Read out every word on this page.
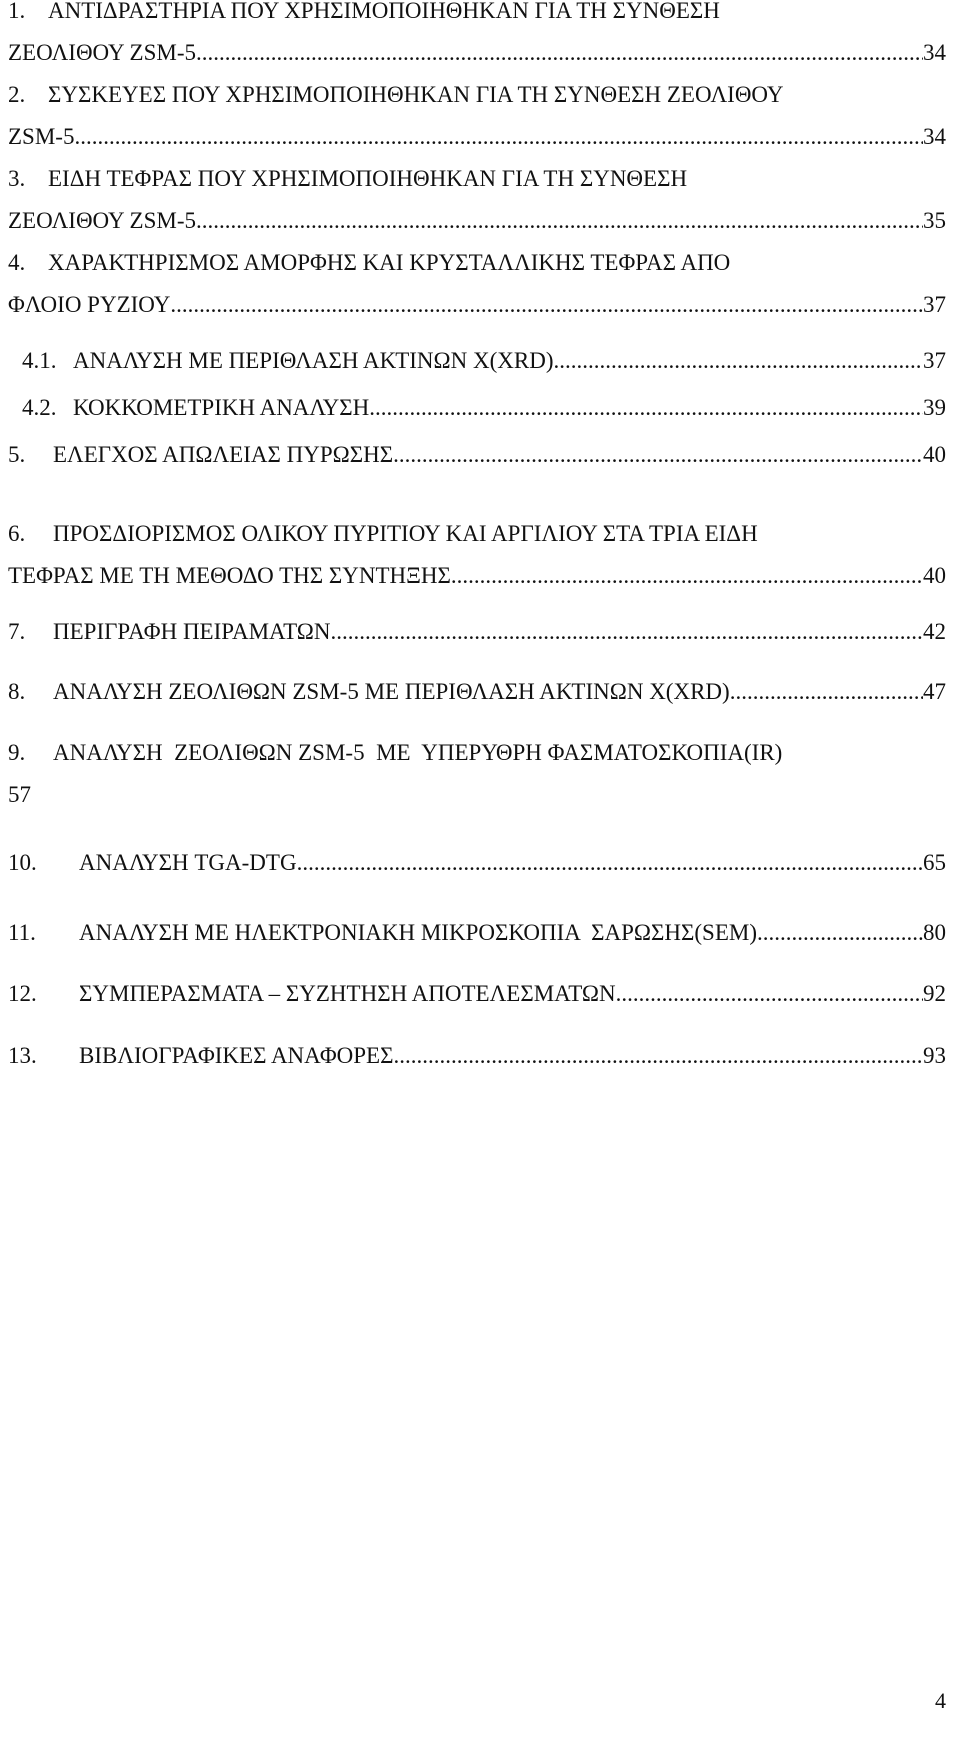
1. ΑΝΤΙΔΡΑΣΤΗΡΙΑ ΠΟΥ ΧΡΗΣΙΜΟΠΟΙΗΘΗΚΑΝ ΓΙΑ ΤΗ ΣΥΝΘΕΣΗ
ΖΕΟΛΙΘΟΥ ZSM-5 .....	34
2. ΣΥΣΚΕΥΕΣ ΠΟΥ ΧΡΗΣΙΜΟΠΟΙΗΘΗΚΑΝ ΓΙΑ ΤΗ ΣΥΝΘΕΣΗ ΖΕΟΛΙΘΟΥ
ZSM-5 .....	34
3. ΕΙΔΗ ΤΕΦΡΑΣ ΠΟΥ ΧΡΗΣΙΜΟΠΟΙΗΘΗΚΑΝ ΓΙΑ ΤΗ ΣΥΝΘΕΣΗ
ΖΕΟΛΙΘΟΥ ZSM-5 .....	35
4. ΧΑΡΑΚΤΗΡΙΣΜΟΣ ΑΜΟΡΦΗΣ ΚΑΙ ΚΡΥΣΤΑΛΛΙΚΗΣ ΤΕΦΡΑΣ ΑΠΟ
ΦΛΟΙΟ ΡΥΖΙΟΥ .....	37
4.1. ΑΝΑΛΥΣΗ ΜΕ ΠΕΡΙΘΛΑΣΗ ΑΚΤΙΝΩΝ Χ(XRD) .....	37
4.2. ΚΟΚΚΟΜΕΤΡΙΚΗ ΑΝΑΛΥΣΗ .....	39
5.	ΕΛΕΓΧΟΣ ΑΠΩΛΕΙΑΣ ΠΥΡΩΣΗΣ .....	40
6.	ΠΡΟΣΔΙΟΡΙΣΜΟΣ ΟΛΙΚΟΥ ΠΥΡΙΤΙΟΥ ΚΑΙ ΑΡΓΙΛΙΟΥ ΣΤΑ ΤΡΙΑ ΕΙΔΗ
ΤΕΦΡΑΣ ΜΕ ΤΗ ΜΕΘΟΔΟ ΤΗΣ ΣΥΝΤΗΞΗΣ .....	40
7.	ΠΕΡΙΓΡΑΦΗ ΠΕΙΡΑΜΑΤΩΝ .....	42
8.	ΑΝΑΛΥΣΗ ΖΕΟΛΙΘΩΝ ZSM-5 ΜΕ ΠΕΡΙΘΛΑΣΗ ΑΚΤΙΝΩΝ Χ(XRD) .....	47
9.	ΑΝΑΛΥΣΗ  ΖΕΟΛΙΘΩΝ ZSM-5  ΜΕ  ΥΠΕΡΥΘΡΗ ΦΑΣΜΑΤΟΣΚΟΠΙΑ(IR)
57
10.	ΑΝΑΛΥΣΗ TGA-DTG .....	65
11.	ΑΝΑΛΥΣΗ ΜΕ ΗΛΕΚΤΡΟΝΙΑΚΗ ΜΙΚΡΟΣΚΟΠΙΑ  ΣΑΡΩΣΗΣ(SEM) .....	80
12.	ΣΥΜΠΕΡΑΣΜΑΤΑ – ΣΥΖΗΤΗΣΗ ΑΠΟΤΕΛΕΣΜΑΤΩΝ .....	92
13.	ΒΙΒΛΙΟΓΡΑΦΙΚΕΣ ΑΝΑΦΟΡΕΣ .....	93
4
